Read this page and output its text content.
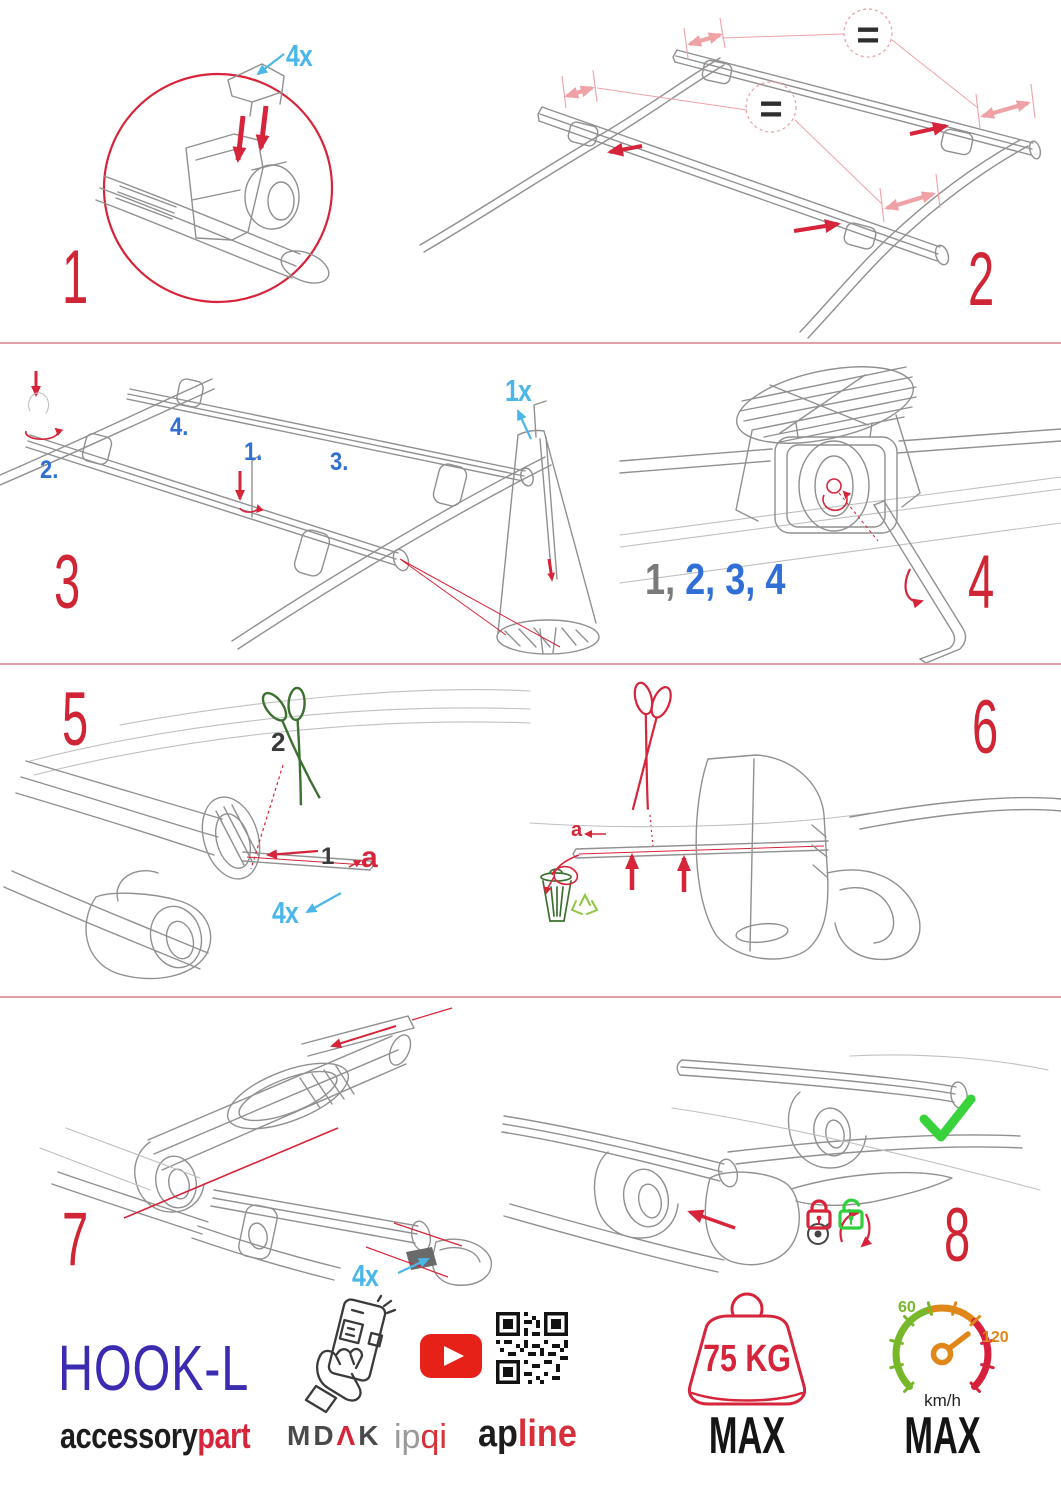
4x
1
=
=
2
2.
4.
1.	3.
1x
3	1, 2, 3, 4 4
2
1 a
4x
5
a
6
4x
7	8
HOOK-L
accessorypart MDΛK ipqi apline
75 KG
MAX
60
120
km/h
MAX
